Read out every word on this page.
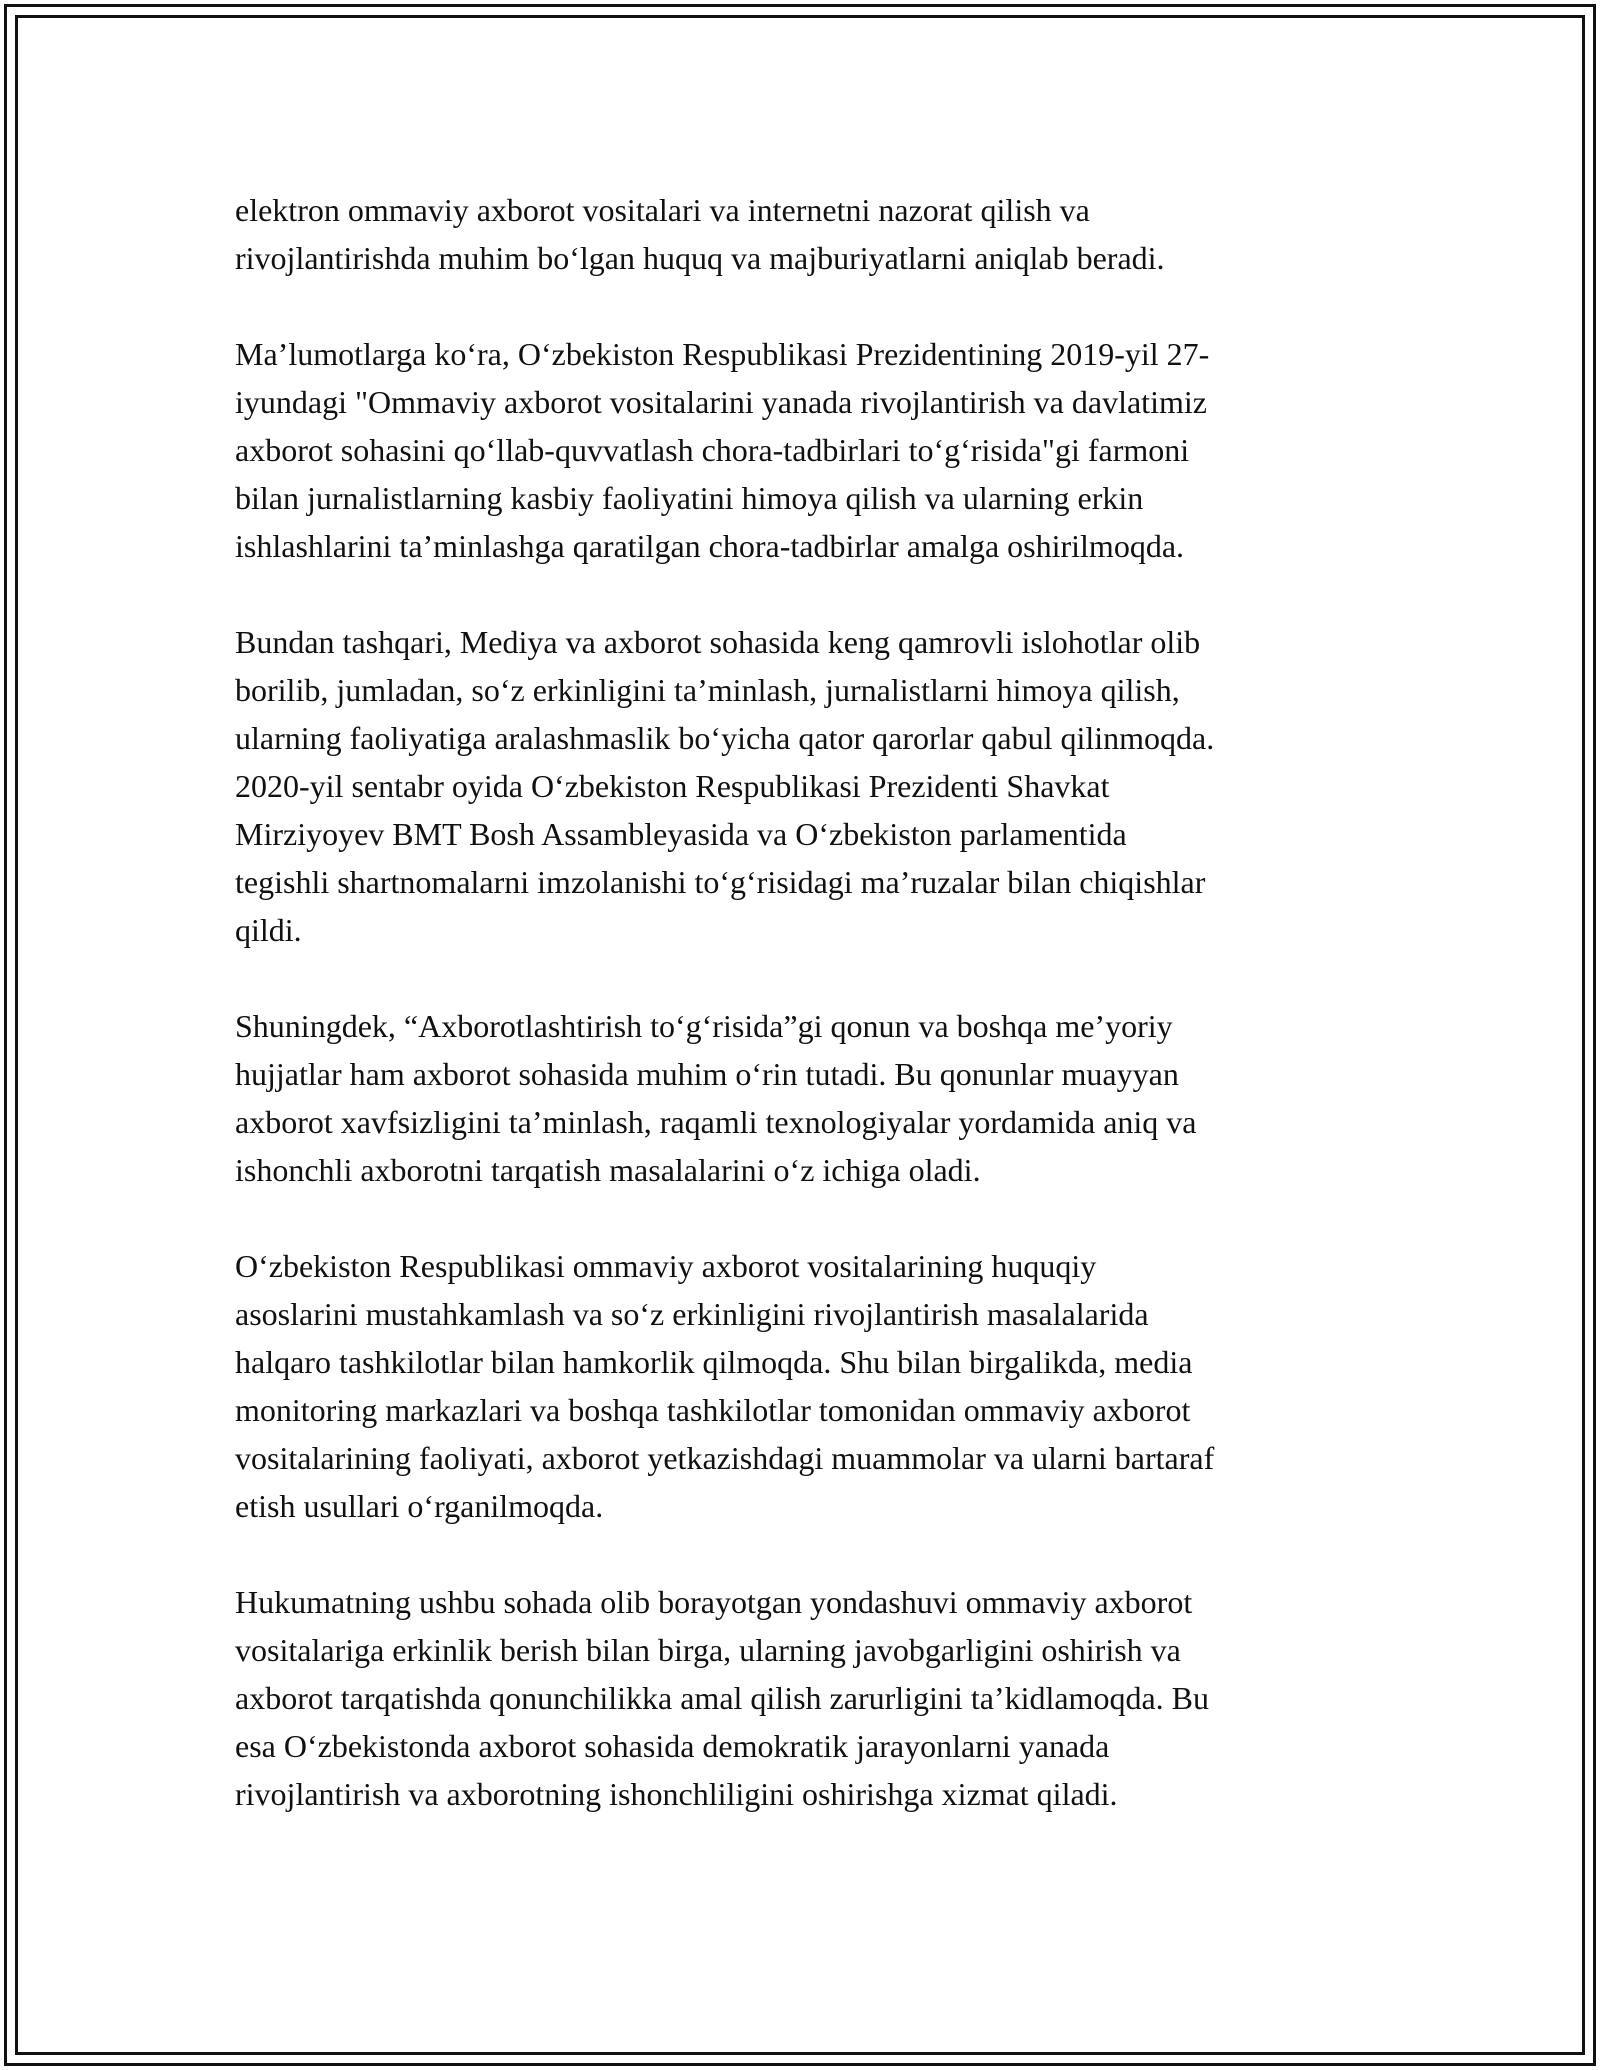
elektron ommaviy axborot vositalari va internetni nazorat qilish va
rivojlantirishda muhim bo‘lgan huquq va majburiyatlarni aniqlab beradi.

Ma’lumotlarga ko‘ra, O‘zbekiston Respublikasi Prezidentining 2019-yil 27-
iyundagi "Ommaviy axborot vositalarini yanada rivojlantirish va davlatimiz
axborot sohasini qo‘llab-quvvatlash chora-tadbirlari to‘g‘risida"gi farmoni
bilan jurnalistlarning kasbiy faoliyatini himoya qilish va ularning erkin
ishlashlarini ta’minlashga qaratilgan chora-tadbirlar amalga oshirilmoqda.

Bundan tashqari, Mediya va axborot sohasida keng qamrovli islohotlar olib
borilib, jumladan, so‘z erkinligini ta’minlash, jurnalistlarni himoya qilish,
ularning faoliyatiga aralashmaslik bo‘yicha qator qarorlar qabul qilinmoqda.
2020-yil sentabr oyida O‘zbekiston Respublikasi Prezidenti Shavkat
Mirziyoyev BMT Bosh Assambleyasida va O‘zbekiston parlamentida
tegishli shartnomalarni imzolanishi to‘g‘risidagi ma’ruzalar bilan chiqishlar
qildi.

Shuningdek, “Axborotlashtirish to‘g‘risida”gi qonun va boshqa me’yoriy
hujjatlar ham axborot sohasida muhim o‘rin tutadi. Bu qonunlar muayyan
axborot xavfsizligini ta’minlash, raqamli texnologiyalar yordamida aniq va
ishonchli axborotni tarqatish masalalarini o‘z ichiga oladi.

O‘zbekiston Respublikasi ommaviy axborot vositalarining huquqiy
asoslarini mustahkamlash va so‘z erkinligini rivojlantirish masalalarida
halqaro tashkilotlar bilan hamkorlik qilmoqda. Shu bilan birgalikda, media
monitoring markazlari va boshqa tashkilotlar tomonidan ommaviy axborot
vositalarining faoliyati, axborot yetkazishdagi muammolar va ularni bartaraf
etish usullari o‘rganilmoqda.

Hukumatning ushbu sohada olib borayotgan yondashuvi ommaviy axborot
vositalariga erkinlik berish bilan birga, ularning javobgarligini oshirish va
axborot tarqatishda qonunchilikka amal qilish zarurligini ta’kidlamoqda. Bu
esa O‘zbekistonda axborot sohasida demokratik jarayonlarni yanada
rivojlantirish va axborotning ishonchliligini oshirishga xizmat qiladi.
